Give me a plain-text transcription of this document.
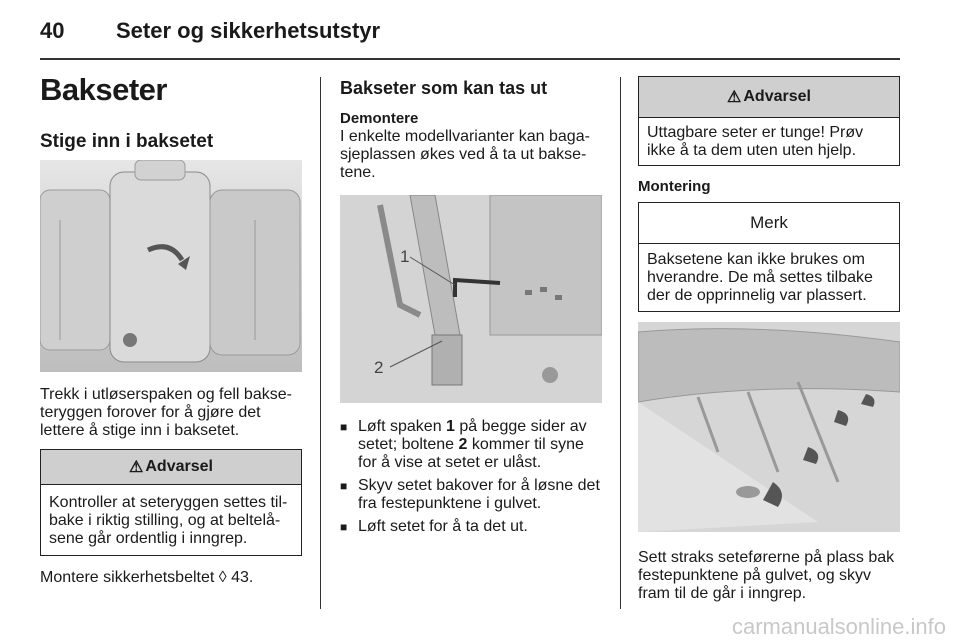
40 Seter og sikkerhetsutstyr
Bakseter
Stige inn i baksetet

Trekk i utløserspaken og fell bakse-teryggen forover for å gjøre det lettere å stige inn i baksetet.

⚠ Advarsel
Kontroller at seteryggen settes til-bake i riktig stilling, og at beltelå-sene går ordentlig i inngrep.

Montere sikkerhetsbeltet ◊ 43.

Bakseter som kan tas ut
Demontere

I enkelte modellvarianter kan baga-sjeplassen økes ved å ta ut bakse-tene.

1
2
■ Løft spaken 1 på begge sider av setet; boltene 2 kommer til syne for å vise at setet er ulåst.
■ Skyv setet bakover for å løsne det fra festepunktene i gulvet.
■ Løft setet for å ta det ut.
⚠ Advarsel
Uttagbare seter er tunge! Prøv ikke å ta dem uten uten hjelp.
Montering
Merk
Baksetene kan ikke brukes om hverandre. De må settes tilbake der de opprinnelig var plassert.

Sett straks seteførerne på plass bak festepunktene på gulvet, og skyv fram til de går i inngrep.

carmanualsonline.info
